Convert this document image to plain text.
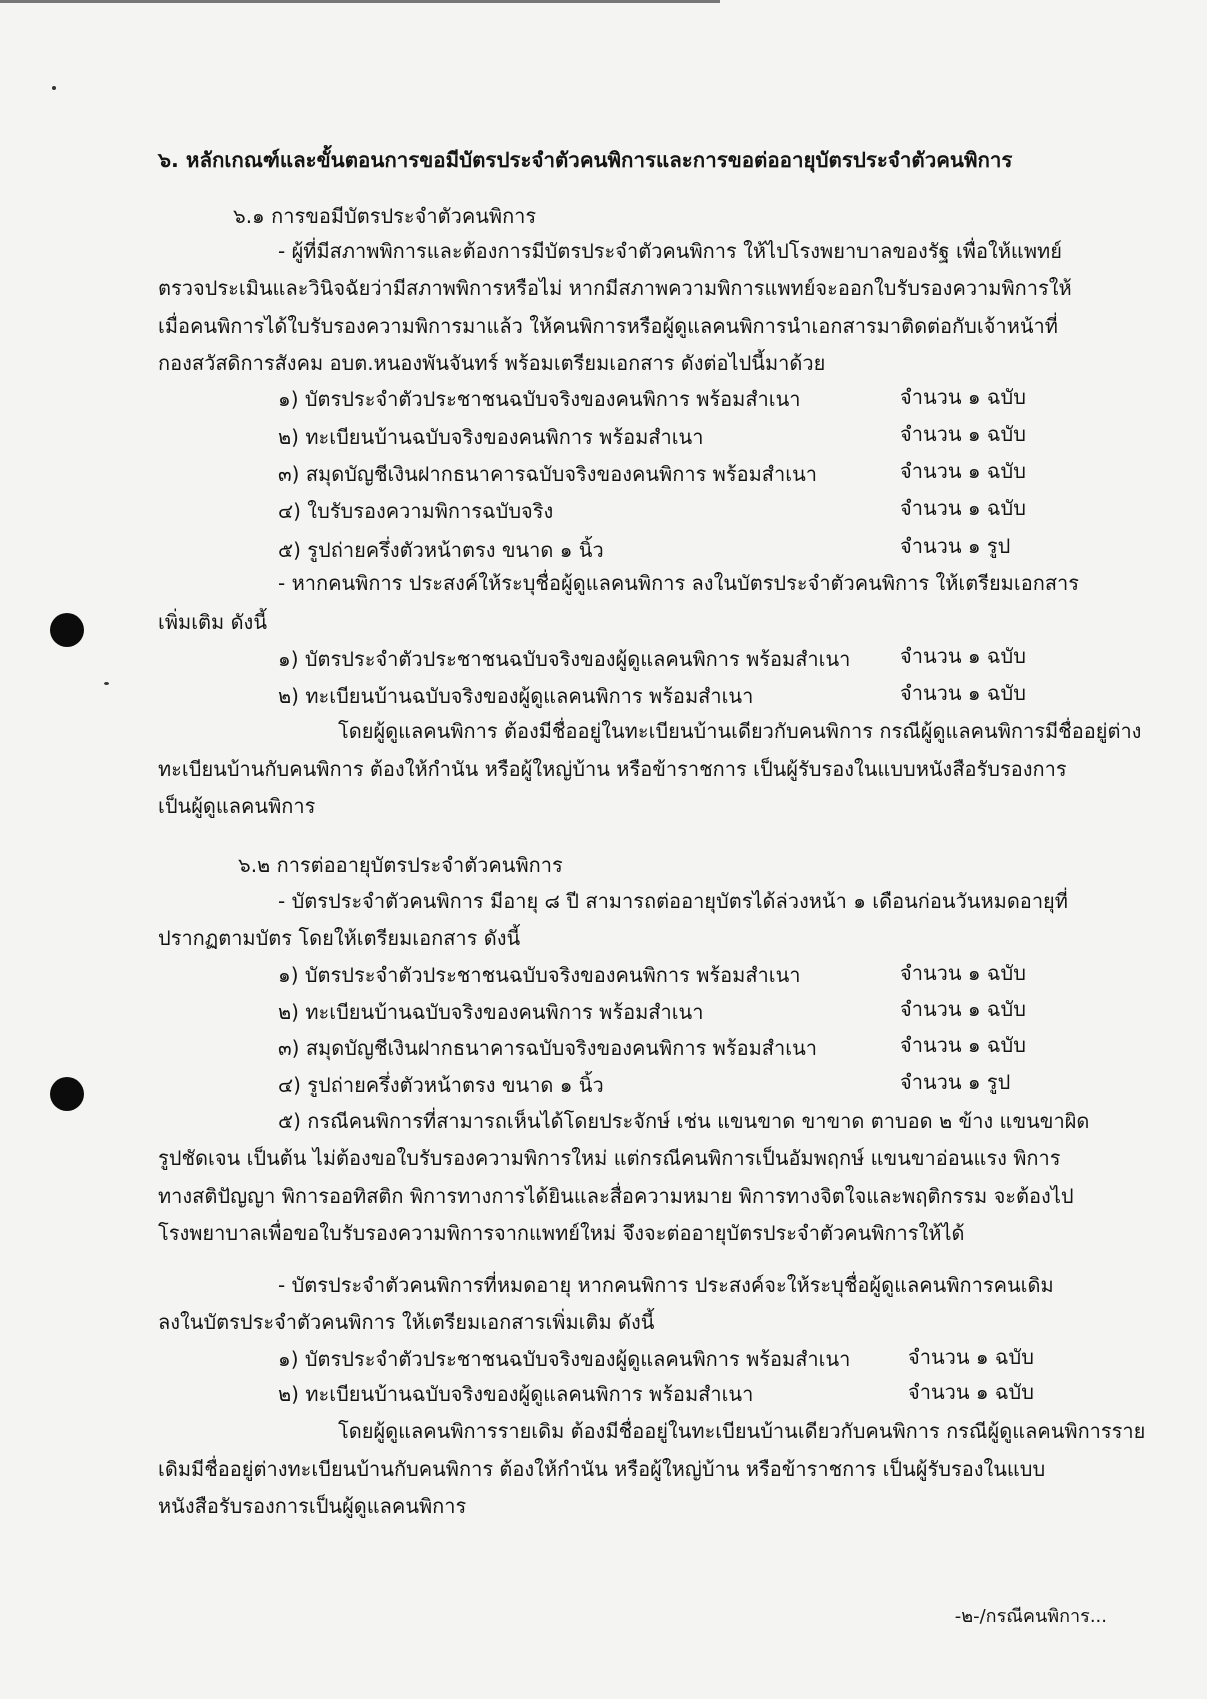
๖. หลักเกณฑ์และขั้นตอนการขอมีบัตรประจำตัวคนพิการและการขอต่ออายุบัตรประจำตัวคนพิการ
๖.๑ การขอมีบัตรประจำตัวคนพิการ
- ผู้ที่มีสภาพพิการและต้องการมีบัตรประจำตัวคนพิการ ให้ไปโรงพยาบาลของรัฐ เพื่อให้แพทย์
ตรวจประเมินและวินิจฉัยว่ามีสภาพพิการหรือไม่ หากมีสภาพความพิการแพทย์จะออกใบรับรองความพิการให้
เมื่อคนพิการได้ใบรับรองความพิการมาแล้ว ให้คนพิการหรือผู้ดูแลคนพิการนำเอกสารมาติดต่อกับเจ้าหน้าที่
กองสวัสดิการสังคม อบต.หนองพันจันทร์ พร้อมเตรียมเอกสาร ดังต่อไปนี้มาด้วย
๑) บัตรประจำตัวประชาชนฉบับจริงของคนพิการ พร้อมสำเนา	จำนวน ๑ ฉบับ
๒) ทะเบียนบ้านฉบับจริงของคนพิการ พร้อมสำเนา	จำนวน ๑ ฉบับ
๓) สมุดบัญชีเงินฝากธนาคารฉบับจริงของคนพิการ พร้อมสำเนา	จำนวน ๑ ฉบับ
๔) ใบรับรองความพิการฉบับจริง	จำนวน ๑ ฉบับ
๕) รูปถ่ายครึ่งตัวหน้าตรง ขนาด ๑ นิ้ว	จำนวน ๑ รูป
- หากคนพิการ ประสงค์ให้ระบุชื่อผู้ดูแลคนพิการ ลงในบัตรประจำตัวคนพิการ ให้เตรียมเอกสาร
เพิ่มเติม ดังนี้
๑) บัตรประจำตัวประชาชนฉบับจริงของผู้ดูแลคนพิการ พร้อมสำเนา จำนวน ๑ ฉบับ
๒) ทะเบียนบ้านฉบับจริงของผู้ดูแลคนพิการ พร้อมสำเนา	จำนวน ๑ ฉบับ
โดยผู้ดูแลคนพิการ ต้องมีชื่ออยู่ในทะเบียนบ้านเดียวกับคนพิการ กรณีผู้ดูแลคนพิการมีชื่ออยู่ต่าง
ทะเบียนบ้านกับคนพิการ ต้องให้กำนัน หรือผู้ใหญ่บ้าน หรือข้าราชการ เป็นผู้รับรองในแบบหนังสือรับรองการ
เป็นผู้ดูแลคนพิการ
๖.๒ การต่ออายุบัตรประจำตัวคนพิการ
- บัตรประจำตัวคนพิการ มีอายุ ๘ ปี สามารถต่ออายุบัตรได้ล่วงหน้า ๑ เดือนก่อนวันหมดอายุที่
ปรากฏตามบัตร โดยให้เตรียมเอกสาร ดังนี้
๑) บัตรประจำตัวประชาชนฉบับจริงของคนพิการ พร้อมสำเนา	จำนวน ๑ ฉบับ
๒) ทะเบียนบ้านฉบับจริงของคนพิการ พร้อมสำเนา	จำนวน ๑ ฉบับ
๓) สมุดบัญชีเงินฝากธนาคารฉบับจริงของคนพิการ พร้อมสำเนา	จำนวน ๑ ฉบับ
๔) รูปถ่ายครึ่งตัวหน้าตรง ขนาด ๑ นิ้ว	จำนวน ๑ รูป
๕) กรณีคนพิการที่สามารถเห็นได้โดยประจักษ์ เช่น แขนขาด ขาขาด ตาบอด ๒ ข้าง แขนขาผิด
รูปชัดเจน เป็นต้น ไม่ต้องขอใบรับรองความพิการใหม่ แต่กรณีคนพิการเป็นอัมพฤกษ์ แขนขาอ่อนแรง พิการ
ทางสติปัญญา พิการออทิสติก พิการทางการได้ยินและสื่อความหมาย พิการทางจิตใจและพฤติกรรม จะต้องไป
โรงพยาบาลเพื่อขอใบรับรองความพิการจากแพทย์ใหม่ จึงจะต่ออายุบัตรประจำตัวคนพิการให้ได้
- บัตรประจำตัวคนพิการที่หมดอายุ หากคนพิการ ประสงค์จะให้ระบุชื่อผู้ดูแลคนพิการคนเดิม
ลงในบัตรประจำตัวคนพิการ ให้เตรียมเอกสารเพิ่มเติม ดังนี้
๑) บัตรประจำตัวประชาชนฉบับจริงของผู้ดูแลคนพิการ พร้อมสำเนา	จำนวน ๑ ฉบับ
๒) ทะเบียนบ้านฉบับจริงของผู้ดูแลคนพิการ พร้อมสำเนา	จำนวน ๑ ฉบับ
โดยผู้ดูแลคนพิการรายเดิม ต้องมีชื่ออยู่ในทะเบียนบ้านเดียวกับคนพิการ กรณีผู้ดูแลคนพิการราย
เดิมมีชื่ออยู่ต่างทะเบียนบ้านกับคนพิการ ต้องให้กำนัน หรือผู้ใหญ่บ้าน หรือข้าราชการ เป็นผู้รับรองในแบบ
หนังสือรับรองการเป็นผู้ดูแลคนพิการ
-๒-/กรณีคนพิการ...
